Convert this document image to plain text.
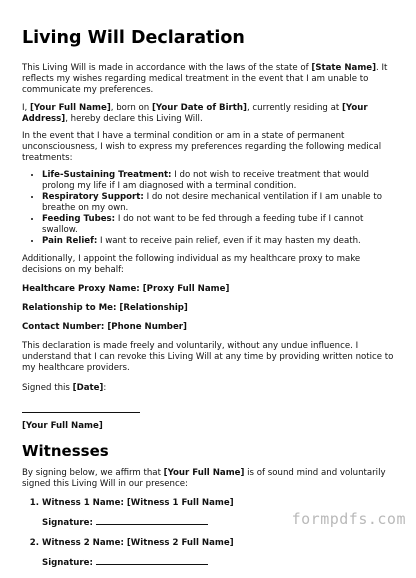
Living Will Declaration

This Living Will is made in accordance with the laws of the state of [State Name]. It reflects my wishes regarding medical treatment in the event that I am unable to communicate my preferences.

I, [Your Full Name], born on [Your Date of Birth], currently residing at [Your Address], hereby declare this Living Will.

In the event that I have a terminal condition or am in a state of permanent unconsciousness, I wish to express my preferences regarding the following medical treatments:

• Life-Sustaining Treatment: I do not wish to receive treatment that would prolong my life if I am diagnosed with a terminal condition.
• Respiratory Support: I do not desire mechanical ventilation if I am unable to breathe on my own.
• Feeding Tubes: I do not want to be fed through a feeding tube if I cannot swallow.
• Pain Relief: I want to receive pain relief, even if it may hasten my death.

Additionally, I appoint the following individual as my healthcare proxy to make decisions on my behalf:

Healthcare Proxy Name: [Proxy Full Name]

Relationship to Me: [Relationship]

Contact Number: [Phone Number]

This declaration is made freely and voluntarily, without any undue influence. I understand that I can revoke this Living Will at any time by providing written notice to my healthcare providers.

Signed this [Date]:

[Your Full Name]

Witnesses

By signing below, we affirm that [Your Full Name] is of sound mind and voluntarily signed this Living Will in our presence:

1. Witness 1 Name: [Witness 1 Full Name]
Signature:
2. Witness 2 Name: [Witness 2 Full Name]
Signature:
formpdfs.com
